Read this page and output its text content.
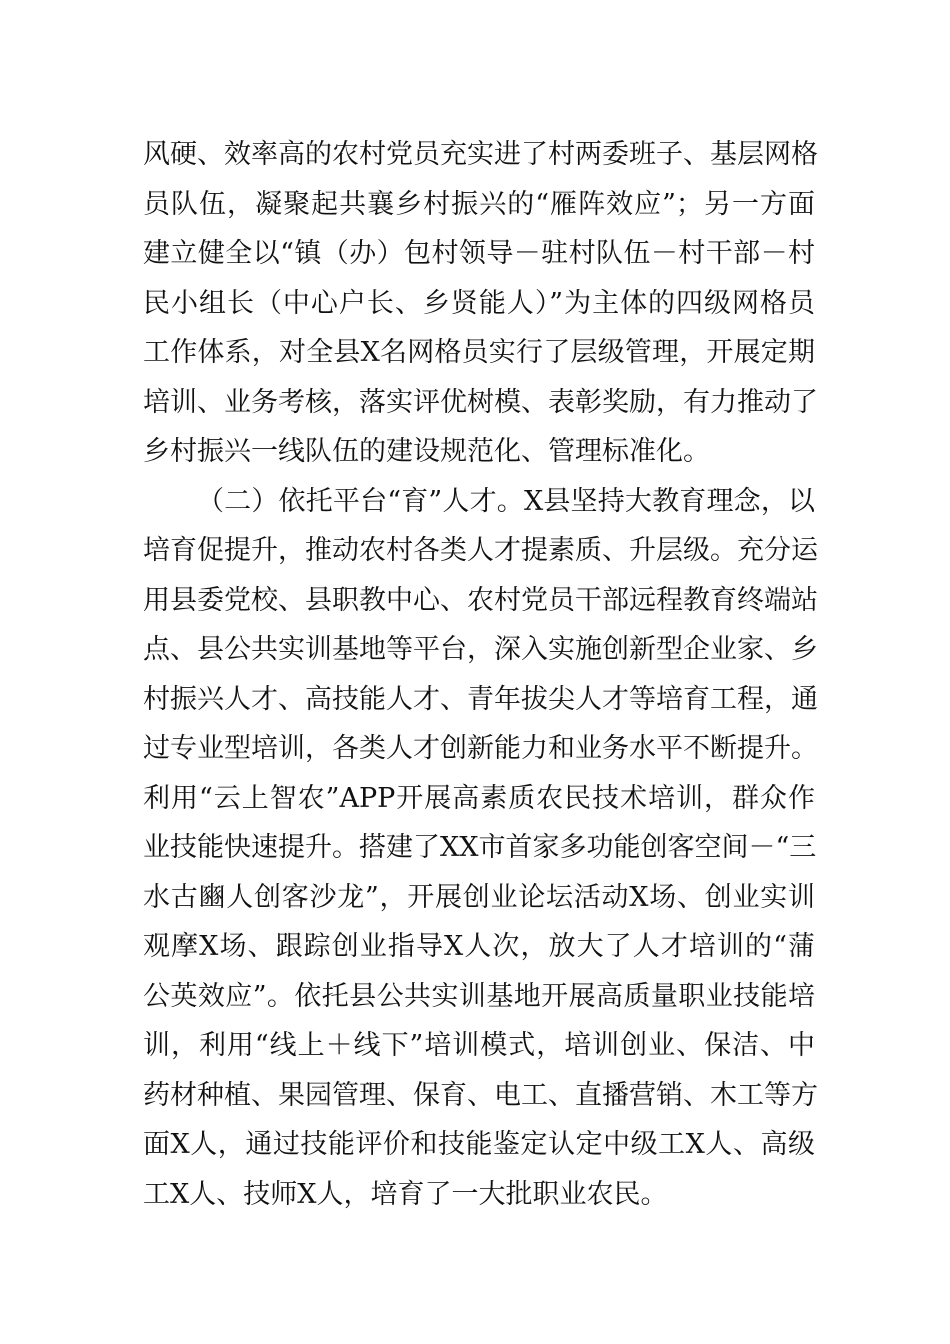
风硬、效率高的农村党员充实进了村两委班子、基层网格
员队伍，凝聚起共襄乡村振兴的“雁阵效应”；另一方面
建立健全以“镇（办）包村领导－驻村队伍－村干部－村
民小组长（中心户长、乡贤能人）”为主体的四级网格员
工作体系，对全县X名网格员实行了层级管理，开展定期
培训、业务考核，落实评优树模、表彰奖励，有力推动了
乡村振兴一线队伍的建设规范化、管理标准化。
（二）依托平台“育”人才。X县坚持大教育理念，以
培育促提升，推动农村各类人才提素质、升层级。充分运
用县委党校、县职教中心、农村党员干部远程教育终端站
点、县公共实训基地等平台，深入实施创新型企业家、乡
村振兴人才、高技能人才、青年拔尖人才等培育工程，通
过专业型培训，各类人才创新能力和业务水平不断提升。
利用“云上智农”APP开展高素质农民技术培训，群众作
业技能快速提升。搭建了XX市首家多功能创客空间－“三
水古豳人创客沙龙”，开展创业论坛活动X场、创业实训
观摩X场、跟踪创业指导X人次，放大了人才培训的“蒲
公英效应”。依托县公共实训基地开展高质量职业技能培
训，利用“线上＋线下”培训模式，培训创业、保洁、中
药材种植、果园管理、保育、电工、直播营销、木工等方
面X人，通过技能评价和技能鉴定认定中级工X人、高级
工X人、技师X人，培育了一大批职业农民。
